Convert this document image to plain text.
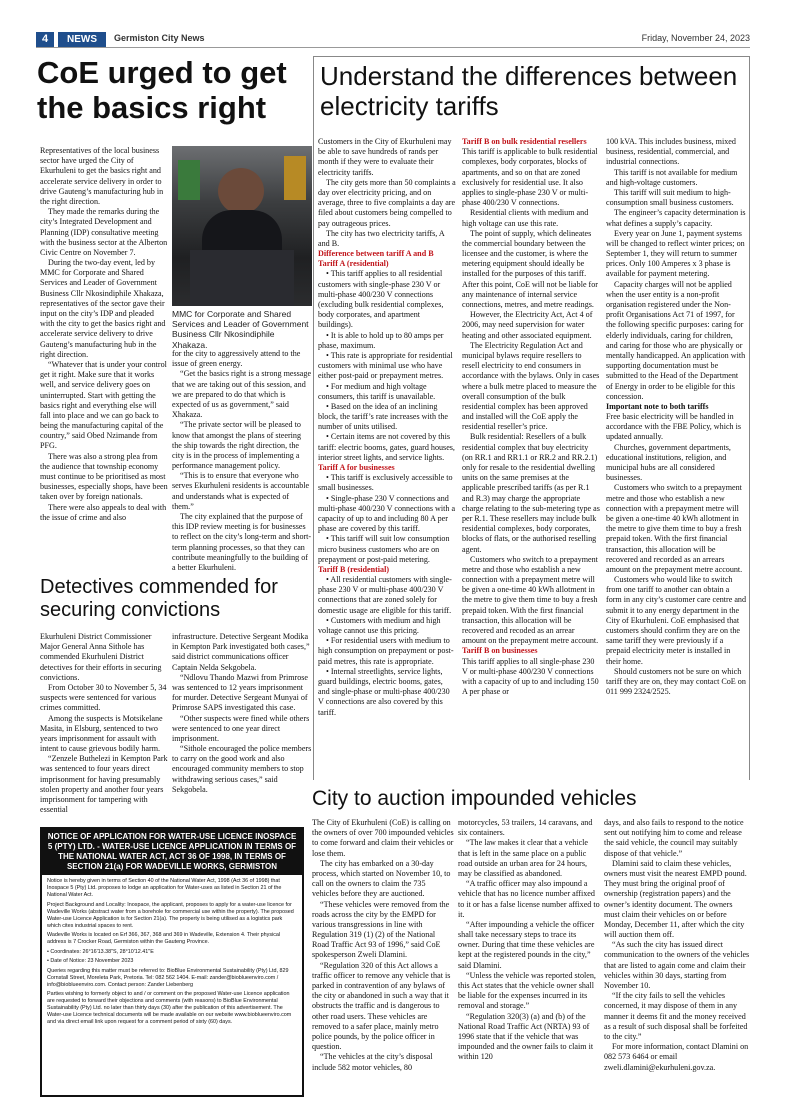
4	NEWS	Germiston City News	Friday, November 24, 2023
CoE urged to get the basics right

Representatives of the local business sector have urged the City of Ekurhuleni to get the basics right and accelerate service delivery in order to drive Gauteng’s manufacturing hub in the right direction.

They made the remarks during the city’s Integrated Development and Planning (IDP) consultative meeting with the business sector at the Alberton Civic Centre on November 7.

During the two-day event, led by MMC for Corporate and Shared Services and Leader of Government Business Cllr Nkosindiphile Xhakaza, representatives of the sector gave their input on the city’s IDP and pleaded with the city to get the basics right and accelerate service delivery to drive Gauteng’s manufacturing hub in the right direction.

“Whatever that is under your control get it right. Make sure that it works well, and service delivery goes on uninterrupted. Start with getting the basics right and everything else will fall into place and we can go back to being the manufacturing capital of the country,” said Obed Nzimande from PFG.

There was also a strong plea from the audience that township economy must continue to be prioritised as most businesses, especially shops, have been taken over by foreign nationals.

There were also appeals to deal with the issue of crime and also

MMC for Corporate and Shared Services and Leader of Government Business Cllr Nkosindiphile Xhakaza.

for the city to aggressively attend to the issue of green energy.

“Get the basics right is a strong message that we are taking out of this session, and we are prepared to do that which is expected of us as government,” said Xhakaza.

“The private sector will be pleased to know that amongst the plans of steering the ship towards the right direction, the city is in the process of implementing a performance management policy.

“This is to ensure that everyone who serves Ekurhuleni residents is accountable and understands what is expected of them.”

The city explained that the purpose of this IDP review meeting is for businesses to reflect on the city’s long-term and short-term planning processes, so that they can contribute meaningfully to the building of a better Ekurhuleni.

Detectives commended for securing convictions

Ekurhuleni District Commissioner Major General Anna Sithole has commended Ekurhuleni District detectives for their efforts in securing convictions.

From October 30 to November 5, 34 suspects were sentenced for various crimes committed.

Among the suspects is Motsikelane Masita, in Elsburg, sentenced to two years imprisonment for assault with intent to cause grievous bodily harm.

“Zenzele Buthelezi in Kempton Park was sentenced to four years direct imprisonment for having presumably stolen property and another four years imprisonment for tampering with essential

infrastructure. Detective Sergeant Modika in Kempton Park investigated both cases,” said district communications officer Captain Nelda Sekgobela.

“Ndlovu Thando Mazwi from Primrose was sentenced to 12 years imprisonment for murder. Detective Sergeant Munyai of Primrose SAPS investigated this case.

“Other suspects were fined while others were sentenced to one year direct imprisonment.

“Sithole encouraged the police members to carry on the good work and also encouraged community members to stop withdrawing serious cases,” said Sekgobela.

NOTICE OF APPLICATION FOR WATER-USE LICENCE INOSPACE 5 (PTY) LTD. - WATER-USE LICENCE APPLICATION IN TERMS OF THE NATIONAL WATER ACT, ACT 36 OF 1998, IN TERMS OF SECTION 21(a) FOR WADEVILLE WORKS, GERMISTON

Notice is hereby given in terms of Section 40 of the National Water Act, 1998 (Act 36 of 1998) that Inospace 5 (Pty) Ltd. proposes to lodge an application for Water-uses as listed in Section 21 of the National Water Act.

Project Background and Locality: Inospace, the applicant, proposes to apply for a water-use licence for Wadeville Works (abstract water from a borehole for commercial use within the property). The proposed Water-use Licence Application is for Section 21(a). The property is being utilised as a logistics park which cites industrial spaces to rent.

Wadeville Works is located on Erf 366, 367, 368 and 369 in Wadeville, Extension 4. Their physical address is 7 Crocker Road, Germiston within the Gauteng Province.

• Coordinates: 26°16'13.38"S, 28°10'12.41"E

• Date of Notice: 23 November 2023

Queries regarding this matter must be referred to: BioBlue Environmental Sustainability (Pty) Ltd, 829 Cornstall Street, Moreleta Park, Pretoria. Tel: 082 562 1404. E-mail: zander@bioblueenviro.com / info@bioblueenviro.com. Contact person: Zander Liebenberg

Parties wishing to formerly object to and / or comment on the proposed Water-use Licence application are requested to forward their objections and comments (with reasons) to BioBlue Environmental Sustainability (Pty) Ltd. no later than thirty days (30) after the publication of this advertisement. The Water-use Licence technical documents will be made available on our website www.bioblueenviro.com and via direct email link upon request for a comment period of sixty (60) days.

Understand the differences between electricity tariffs

Customers in the City of Ekurhuleni may be able to save hundreds of rands per month if they were to evaluate their electricity tariffs.

The city gets more than 50 complaints a day over electricity pricing, and on average, three to five complaints a day are filed about customers being compelled to pay outrageous prices.

The city has two electricity tariffs, A and B.

Difference between tariff A and B

Tariff A (residential)

• This tariff applies to all residential customers with single-phase 230 V or multi-phase 400/230 V connections (excluding bulk residential complexes, body corporates, and apartment buildings).

• It is able to hold up to 80 amps per phase, maximum.

• This rate is appropriate for residential customers with minimal use who have either post-paid or prepayment metres.

• For medium and high voltage consumers, this tariff is unavailable.

• Based on the idea of an inclining block, the tariff’s rate increases with the number of units utilised.

• Certain items are not covered by this tariff: electric booms, gates, guard houses, interior street lights, and service lights.

Tariff A for businesses

• This tariff is exclusively accessible to small businesses.

• Single-phase 230 V connections and multi-phase 400/230 V connections with a capacity of up to and including 80 A per phase are covered by this tariff.

• This tariff will suit low consumption micro business customers who are on prepayment or post-paid metering.

Tariff B (residential)

• All residential customers with single-phase 230 V or multi-phase 400/230 V connections that are zoned solely for domestic usage are eligible for this tariff.

• Customers with medium and high voltage cannot use this pricing.

• For residential users with medium to high consumption on prepayment or post-paid metres, this rate is appropriate.

• Internal streetlights, service lights, guard buildings, electric booms, gates, and single-phase or multi-phase 400/230 V connections are also covered by this tariff.

Tariff B on bulk residential resellers

This tariff is applicable to bulk residential complexes, body corporates, blocks of apartments, and so on that are zoned exclusively for residential use. It also applies to single-phase 230 V or multi-phase 400/230 V connections.

Residential clients with medium and high voltage can use this rate.

The point of supply, which delineates the commercial boundary between the licensee and the customer, is where the metering equipment should ideally be installed for the purposes of this tariff. After this point, CoE will not be liable for any maintenance of internal service connections, metres, and metre readings.

However, the Electricity Act, Act 4 of 2006, may need supervision for water heating and other associated equipment.

The Electricity Regulation Act and municipal bylaws require resellers to resell electricity to end consumers in accordance with the bylaws. Only in cases where a bulk metre placed to measure the overall consumption of the bulk residential complex has been approved and installed will the CoE apply the residential reseller’s price.

Bulk residential: Resellers of a bulk residential complex that buy electricity (on RR.1 and RR1.1 or RR.2 and RR.2.1) only for resale to the residential dwelling units on the same premises at the applicable prescribed tariffs (as per R.1 and R.3) may charge the appropriate charge relating to the sub-metering type as per R.1. These resellers may include bulk residential complexes, body corporates, blocks of flats, or the authorised reselling agent.

Customers who switch to a prepayment metre and those who establish a new connection with a prepayment metre will be given a one-time 40 kWh allotment in the metre to give them time to buy a fresh prepaid token. With the first financial transaction, this allocation will be recovered and recoded as an arrear amount on the prepayment metre account.

Tariff B on businesses

This tariff applies to all single-phase 230 V or multi-phase 400/230 V connections with a capacity of up to and including 150 A per phase or

100 kVA. This includes business, mixed business, residential, commercial, and industrial connections.

This tariff is not available for medium and high-voltage customers.

This tariff will suit medium to high-consumption small business customers.

The engineer’s capacity determination is what defines a supply’s capacity.

Every year on June 1, payment systems will be changed to reflect winter prices; on September 1, they will return to summer prices. Only 100 Amperes x 3 phase is available for payment metering.

Capacity charges will not be applied when the user entity is a non-profit organisation registered under the Non-profit Organisations Act 71 of 1997, for the following specific purposes: caring for elderly individuals, caring for children, and caring for those who are physically or mentally handicapped. An application with supporting documentation must be submitted to the Head of the Department of Energy in order to be eligible for this concession.

Important note to both tariffs

Free basic electricity will be handled in accordance with the FBE Policy, which is updated annually.

Churches, government departments, educational institutions, religion, and municipal hubs are all considered businesses.

Customers who switch to a prepayment metre and those who establish a new connection with a prepayment metre will be given a one-time 40 kWh allotment in the metre to give them time to buy a fresh prepaid token. With the first financial transaction, this allocation will be recovered and recorded as an arrears amount on the prepayment metre account.

Customers who would like to switch from one tariff to another can obtain a form in any city’s customer care centre and submit it to any energy department in the City of Ekurhuleni. CoE emphasised that customers should confirm they are on the same tariff they were previously if a prepaid electricity meter is installed in their home.

Should customers not be sure on which tariff they are on, they may contact CoE on 011 999 2324/2525.

City to auction impounded vehicles

The City of Ekurhuleni (CoE) is calling on the owners of over 700 impounded vehicles to come forward and claim their vehicles or lose them.

The city has embarked on a 30-day process, which started on November 10, to call on the owners to claim the 735 vehicles before they are auctioned.

“These vehicles were removed from the roads across the city by the EMPD for various transgressions in line with Regulation 319 (1) (2) of the National Road Traffic Act 93 of 1996,” said CoE spokesperson Zweli Dlamini.

“Regulation 320 of this Act allows a traffic officer to remove any vehicle that is parked in contravention of any bylaws of the city or abandoned in such a way that it obstructs the traffic and is dangerous to other road users. These vehicles are removed to a safer place, mainly metro police pounds, by the police officer in question.

“The vehicles at the city’s disposal include 582 motor vehicles, 80

motorcycles, 53 trailers, 14 caravans, and six containers.

“The law makes it clear that a vehicle that is left in the same place on a public road outside an urban area for 24 hours, may be classified as abandoned.

“A traffic officer may also impound a vehicle that has no licence number affixed to it or has a false license number affixed to it.

“After impounding a vehicle the officer shall take necessary steps to trace its owner. During that time these vehicles are kept at the registered pounds in the city,” said Dlamini.

“Unless the vehicle was reported stolen, this Act states that the vehicle owner shall be liable for the expenses incurred in its removal and storage.”

“Regulation 320(3) (a) and (b) of the National Road Traffic Act (NRTA) 93 of 1996 state that if the vehicle that was impounded and the owner fails to claim it within 120

days, and also fails to respond to the notice sent out notifying him to come and release the said vehicle, the council may suitably dispose of that vehicle.”

Dlamini said to claim these vehicles, owners must visit the nearest EMPD pound. They must bring the original proof of ownership (registration papers) and the owner’s identity document. The owners must claim their vehicles on or before Monday, December 11, after which the city will auction them off.

“As such the city has issued direct communication to the owners of the vehicles that are listed to again come and claim their vehicles within 30 days, starting from November 10.

“If the city fails to sell the vehicles concerned, it may dispose of them in any manner it deems fit and the money received as a result of such disposal shall be forfeited to the city.”

For more information, contact Dlamini on 082 573 6464 or email zweli.dlamini@ekurhuleni.gov.za.
